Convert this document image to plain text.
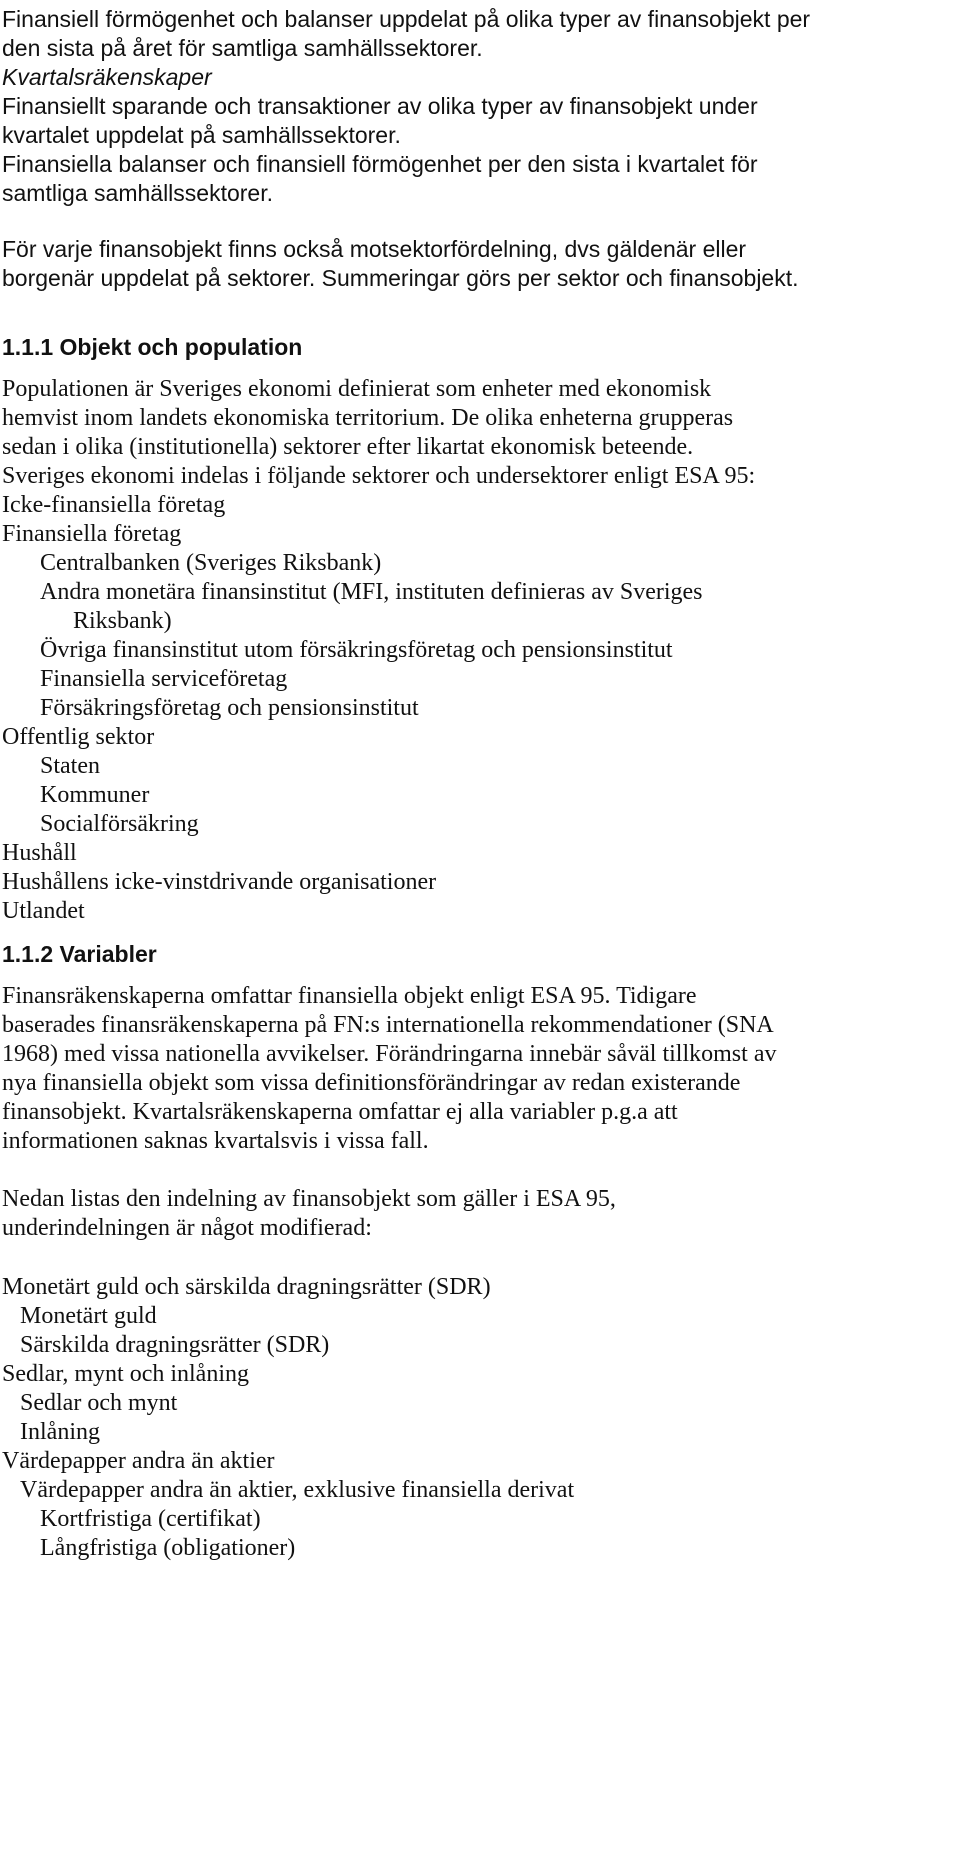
Finansiell förmögenhet och balanser uppdelat på olika typer av finansobjekt per
den sista på året för samtliga samhällssektorer.
Kvartalsräkenskaper
Finansiellt sparande och transaktioner av olika typer av finansobjekt under
kvartalet uppdelat på samhällssektorer.
Finansiella balanser och finansiell förmögenhet per den sista i kvartalet för
samtliga samhällssektorer.
För varje finansobjekt finns också motsektorfördelning, dvs gäldenär eller
borgenär uppdelat på sektorer. Summeringar görs per sektor och finansobjekt.
1.1.1 Objekt och population
Populationen är Sveriges ekonomi definierat som enheter med ekonomisk
hemvist inom landets ekonomiska territorium. De olika enheterna grupperas
sedan i olika (institutionella) sektorer efter likartat ekonomisk beteende.
Sveriges ekonomi indelas i följande sektorer och undersektorer enligt ESA 95:
Icke-finansiella företag
Finansiella företag
Centralbanken (Sveriges Riksbank)
Andra monetära finansinstitut (MFI, instituten definieras av Sveriges
Riksbank)
Övriga finansinstitut utom försäkringsföretag och pensionsinstitut
Finansiella serviceföretag
Försäkringsföretag och pensionsinstitut
Offentlig sektor
Staten
Kommuner
Socialförsäkring
Hushåll
Hushållens icke-vinstdrivande organisationer
Utlandet
1.1.2 Variabler
Finansräkenskaperna omfattar finansiella objekt enligt ESA 95. Tidigare
baserades finansräkenskaperna på FN:s internationella rekommendationer (SNA
1968) med vissa nationella avvikelser. Förändringarna innebär såväl tillkomst av
nya finansiella objekt som vissa definitionsförändringar av redan existerande
finansobjekt. Kvartalsräkenskaperna omfattar ej alla variabler p.g.a att
informationen saknas kvartalsvis i vissa fall.
Nedan listas den indelning av finansobjekt som gäller i ESA 95,
underindelningen är något modifierad:
Monetärt guld och särskilda dragningsrätter (SDR)
Monetärt guld
Särskilda dragningsrätter (SDR)
Sedlar, mynt och inlåning
Sedlar och mynt
Inlåning
Värdepapper andra än aktier
Värdepapper andra än aktier, exklusive finansiella derivat
Kortfristiga (certifikat)
Långfristiga (obligationer)
